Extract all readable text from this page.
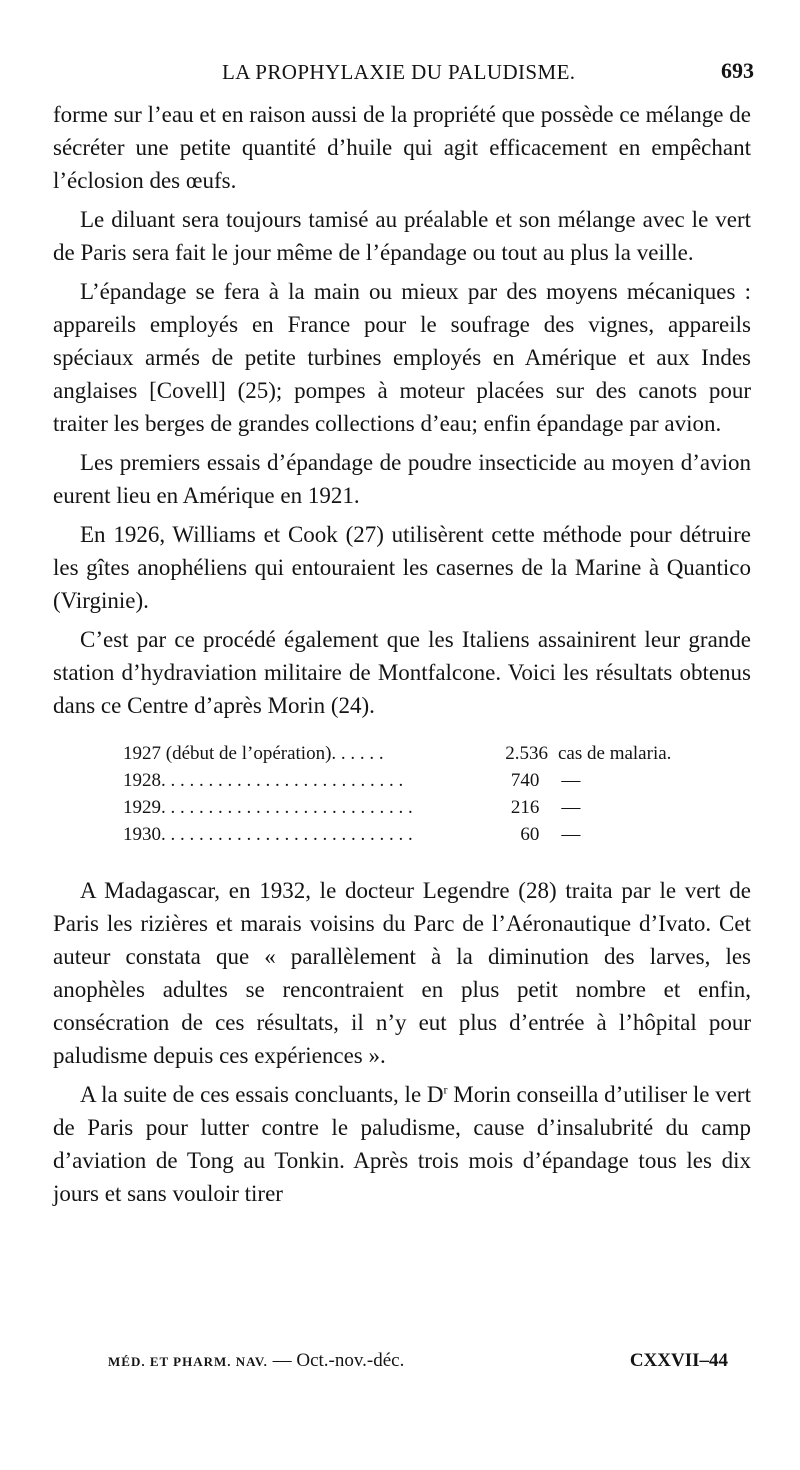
LA PROPHYLAXIE DU PALUDISME.	693

forme sur l’eau et en raison aussi de la propriété que possède ce mélange de sécréter une petite quantité d’huile qui agit efficacement en empêchant l’éclosion des œufs.

Le diluant sera toujours tamisé au préalable et son mélange avec le vert de Paris sera fait le jour même de l’épandage ou tout au plus la veille.

L’épandage se fera à la main ou mieux par des moyens mécaniques : appareils employés en France pour le soufrage des vignes, appareils spéciaux armés de petite turbines employés en Amérique et aux Indes anglaises [Covell] (25); pompes à moteur placées sur des canots pour traiter les berges de grandes collections d’eau; enfin épandage par avion.

Les premiers essais d’épandage de poudre insecticide au moyen d’avion eurent lieu en Amérique en 1921.

En 1926, Williams et Cook (27) utilisèrent cette méthode pour détruire les gîtes anophéliens qui entouraient les casernes de la Marine à Quantico (Virginie).

C’est par ce procédé également que les Italiens assainirent leur grande station d’hydraviation militaire de Montfalcone. Voici les résultats obtenus dans ce Centre d’après Morin (24).

1927 (début de l’opération). . . . . .	2.536 cas de malaria.
1928. . . . . . . . . . . . . . . . . . . . . . . . . .	740	—
1929. . . . . . . . . . . . . . . . . . . . . . . . . . .	216	—
1930. . . . . . . . . . . . . . . . . . . . . . . . . . .	60	—

A Madagascar, en 1932, le docteur Legendre (28) traita par le vert de Paris les rizières et marais voisins du Parc de l’Aéronautique d’Ivato. Cet auteur constata que « parallèlement à la diminution des larves, les anophèles adultes se rencontraient en plus petit nombre et enfin, consécration de ces résultats, il n’y eut plus d’entrée à l’hôpital pour paludisme depuis ces expériences ».

A la suite de ces essais concluants, le $D^r$ Morin conseilla d’utiliser le vert de Paris pour lutter contre le paludisme, cause d’insalubrité du camp d’aviation de Tong au Tonkin. Après trois mois d’épandage tous les dix jours et sans vouloir tirer

MÉD. ET PHARM. NAV. — Oct.-nov.-déc.	CXXVII–44
